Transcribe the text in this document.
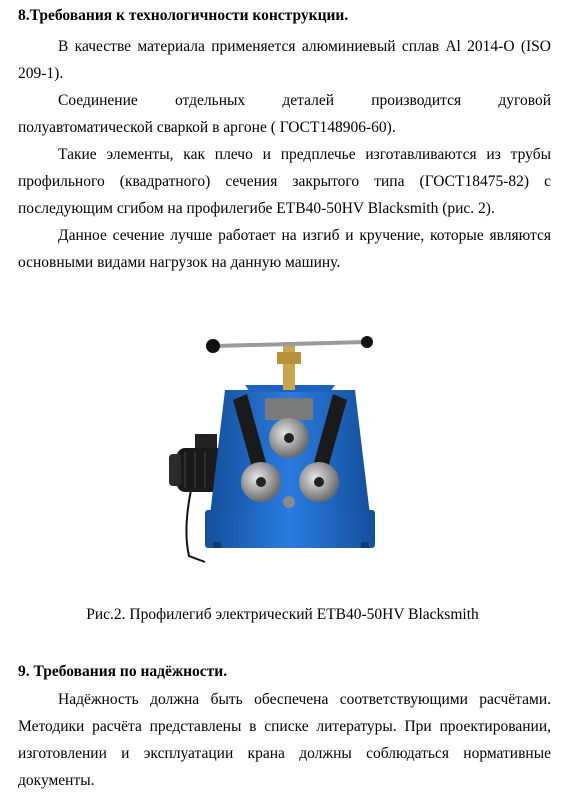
8.Требования к технологичности конструкции.

В качестве материала применяется алюминиевый сплав Al 2014-O (ISO 209-1).

Соединение отдельных деталей производится дуговой полуавтоматической сваркой в аргоне ( ГОСТ148906-60).

Такие элементы, как плечо и предплечье изготавливаются из трубы профильного (квадратного) сечения закрытого типа (ГОСТ18475-82) с последующим сгибом на профилегибе ETB40-50HV Blacksmith (рис. 2).

Данное сечение лучше работает на изгиб и кручение, которые являются основными видами нагрузок на данную машину.

Рис.2. Профилегиб электрический ETB40-50HV Blacksmith
9. Требования по надёжности.

Надёжность должна быть обеспечена соответствующими расчётами. Методики расчёта представлены в списке литературы. При проектировании, изготовлении и эксплуатации крана должны соблюдаться нормативные документы.
